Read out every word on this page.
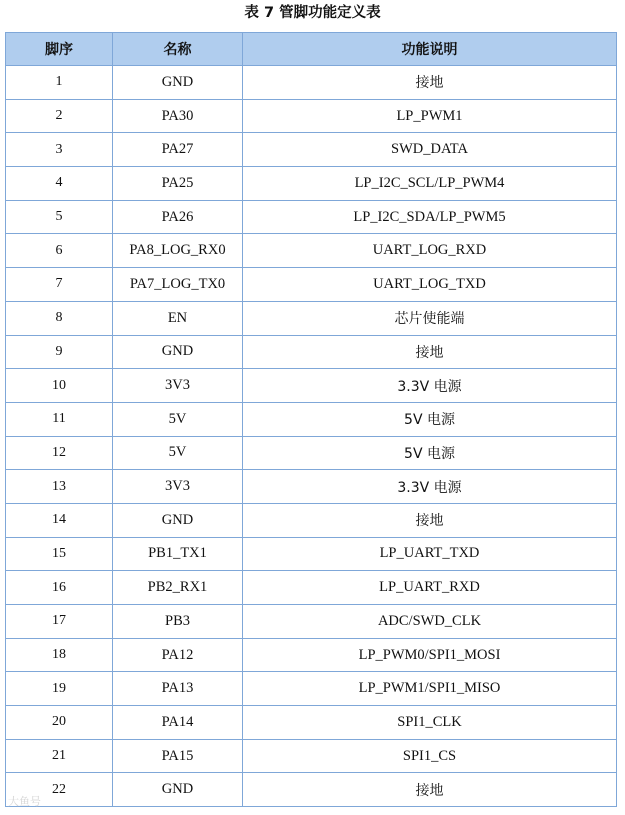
表 7 管脚功能定义表
脚序	名称	功能说明
1	GND	接地
2	PA30	LP_PWM1
3	PA27	SWD_DATA
4	PA25	LP_I2C_SCL/LP_PWM4
5	PA26	LP_I2C_SDA/LP_PWM5
6	PA8_LOG_RX0	UART_LOG_RXD
7	PA7_LOG_TX0	UART_LOG_TXD
8	EN	芯片使能端
9	GND	接地
10	3V3	3.3V 电源
11	5V	5V 电源
12	5V	5V 电源
13	3V3	3.3V 电源
14	GND	接地
15	PB1_TX1	LP_UART_TXD
16	PB2_RX1	LP_UART_RXD
17	PB3	ADC/SWD_CLK
18	PA12	LP_PWM0/SPI1_MOSI
19	PA13	LP_PWM1/SPI1_MISO
20	PA14	SPI1_CLK
21	PA15	SPI1_CS
22	GND	接地
大鱼号
